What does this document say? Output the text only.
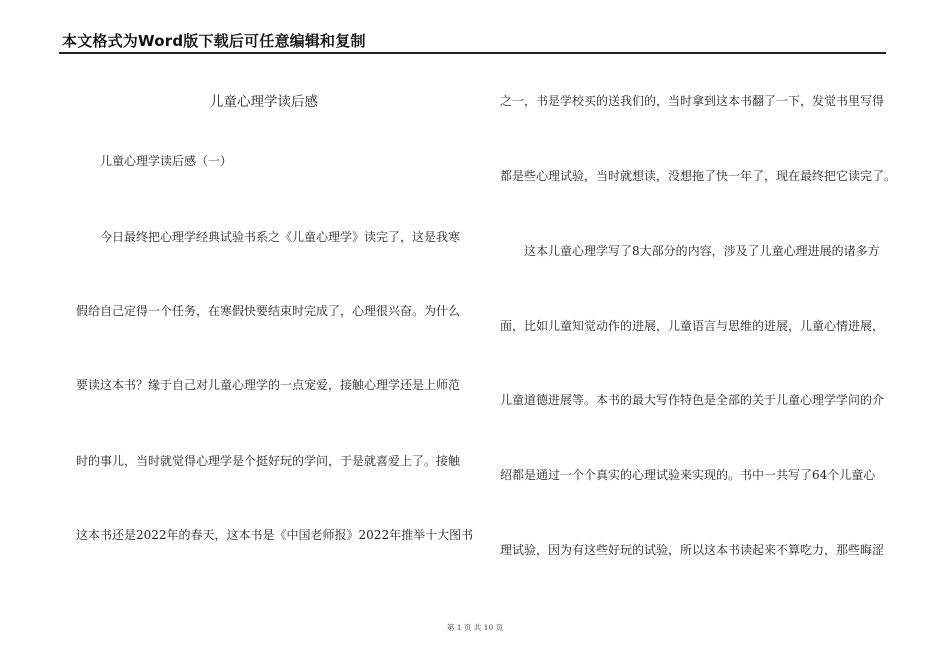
本文格式为Word版下载后可任意编辑和复制
儿童心理学读后感
儿童心理学读后感（一）
今日最终把心理学经典试验书系之《儿童心理学》读完了，这是我寒
假给自己定得一个任务，在寒假快要结束时完成了，心理很兴奋。为什么
要读这本书？缘于自己对儿童心理学的一点宠爱，接触心理学还是上师范
时的事儿，当时就觉得心理学是个挺好玩的学问，于是就喜爱上了。接触
这本书还是2022年的春天，这本书是《中国老师报》2022年推举十大图书
之一，书是学校买的送我们的，当时拿到这本书翻了一下，发觉书里写得
都是些心理试验，当时就想读，没想拖了快一年了，现在最终把它读完了。
这本儿童心理学写了8大部分的内容，涉及了儿童心理进展的诸多方
面，比如儿童知觉动作的进展，儿童语言与思维的进展，儿童心情进展，
儿童道德进展等。本书的最大写作特色是全部的关于儿童心理学学问的介
绍都是通过一个个真实的心理试验来实现的。书中一共写了64个儿童心
理试验，因为有这些好玩的试验，所以这本书读起来不算吃力，那些晦涩
第 1 页 共 10 页
